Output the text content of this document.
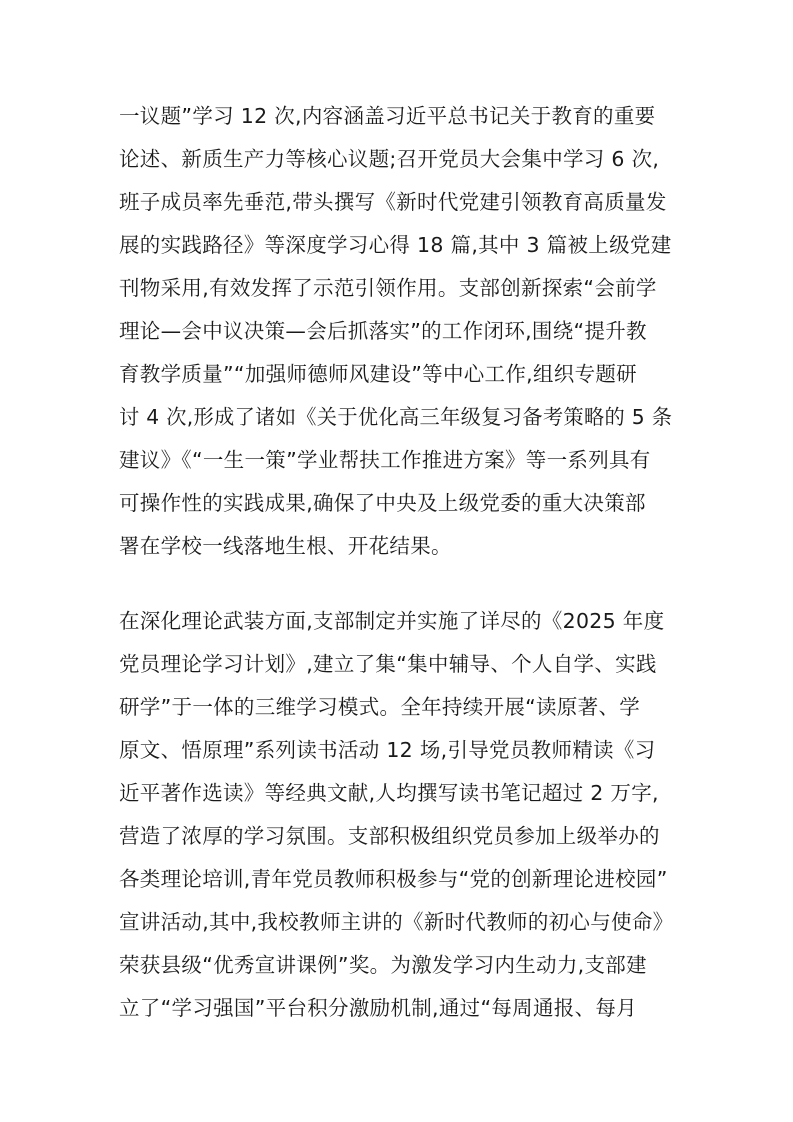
一议题”学习 12 次,内容涵盖习近平总书记关于教育的重要
论述、新质生产力等核心议题;召开党员大会集中学习 6 次,
班子成员率先垂范,带头撰写《新时代党建引领教育高质量发
展的实践路径》等深度学习心得 18 篇,其中 3 篇被上级党建
刊物采用,有效发挥了示范引领作用。支部创新探索“会前学
理论—会中议决策—会后抓落实”的工作闭环,围绕“提升教
育教学质量”“加强师德师风建设”等中心工作,组织专题研
讨 4 次,形成了诸如《关于优化高三年级复习备考策略的 5 条
建议》《“一生一策”学业帮扶工作推进方案》等一系列具有
可操作性的实践成果,确保了中央及上级党委的重大决策部
署在学校一线落地生根、开花结果。
在深化理论武装方面,支部制定并实施了详尽的《2025 年度
党员理论学习计划》,建立了集“集中辅导、个人自学、实践
研学”于一体的三维学习模式。全年持续开展“读原著、学
原文、悟原理”系列读书活动 12 场,引导党员教师精读《习
近平著作选读》等经典文献,人均撰写读书笔记超过 2 万字,
营造了浓厚的学习氛围。支部积极组织党员参加上级举办的
各类理论培训,青年党员教师积极参与“党的创新理论进校园”
宣讲活动,其中,我校教师主讲的《新时代教师的初心与使命》
荣获县级“优秀宣讲课例”奖。为激发学习内生动力,支部建
立了“学习强国”平台积分激励机制,通过“每周通报、每月
